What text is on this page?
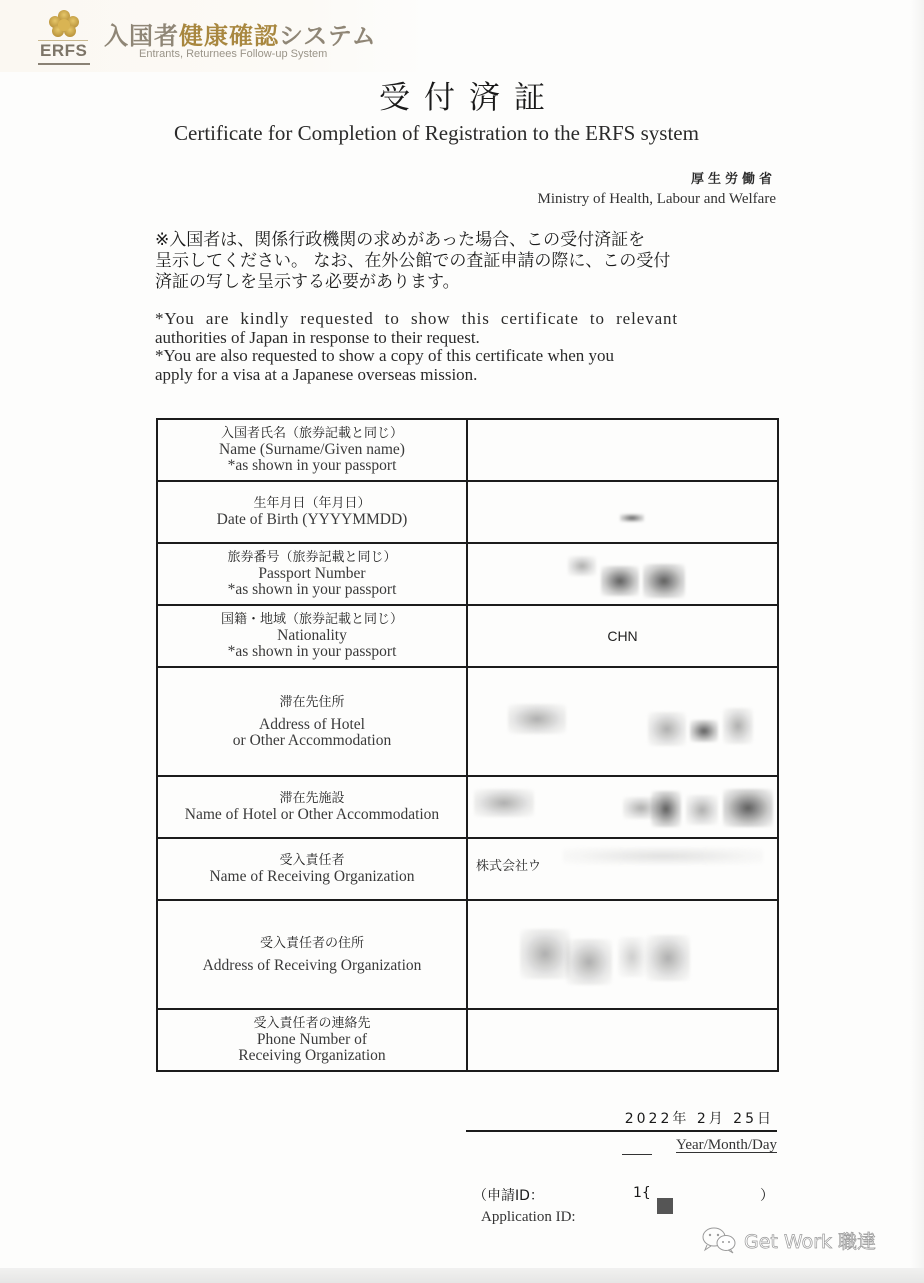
ERFS
入国者健康確認システム
Entrants, Returnees Follow-up System
受付済証
Certificate for Completion of Registration to the ERFS system
厚生労働省
Ministry of Health, Labour and Welfare

※入国者は、関係行政機関の求めがあった場合、この受付済証を

呈示してください。 なお、在外公館での査証申請の際に、この受付

済証の写しを呈示する必要があります。

*You are kindly requested to show this certificate to relevant

authorities of Japan in response to their request.

*You are also requested to show a copy of this certificate when you

apply for a visa at a Japanese overseas mission.

入国者氏名（旅券記載と同じ）
Name (Surname/Given name)
*as shown in your passport	

生年月日（年月日）
Date of Birth (YYYYMMDD)	

旅券番号（旅券記載と同じ）
Passport Number
*as shown in your passport	

国籍・地域（旅券記載と同じ）
Nationality
*as shown in your passport	CHN

滞在先住所
Address of Hotel
or Other Accommodation	

滞在先施設
Name of Hotel or Other Accommodation	

受入責任者
Name of Receiving Organization	株式会社ウ

受入責任者の住所
Address of Receiving Organization	

受入責任者の連絡先
Phone Number of
Receiving Organization	

2022年 2月 25日
Year/Month/Day
（申請ID：	1{	）
Application ID:
Get Work 職達
